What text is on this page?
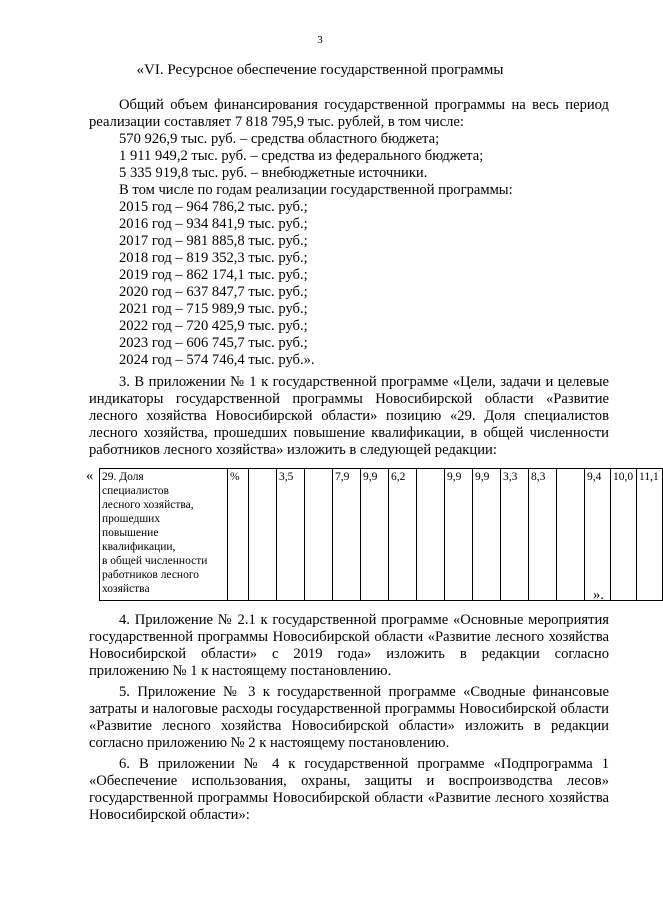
3
«VI. Ресурсное обеспечение государственной программы
Общий объем финансирования государственной программы на весь период
реализации составляет 7 818 795,9 тыс. рублей, в том числе:
570 926,9 тыс. руб. – средства областного бюджета;
1 911 949,2 тыс. руб. – средства из федерального бюджета;
5 335 919,8 тыс. руб. – внебюджетные источники.
В том числе по годам реализации государственной программы:
2015 год – 964 786,2 тыс. руб.;
2016 год – 934 841,9 тыс. руб.;
2017 год – 981 885,8 тыс. руб.;
2018 год – 819 352,3 тыс. руб.;
2019 год – 862 174,1 тыс. руб.;
2020 год – 637 847,7 тыс. руб.;
2021 год – 715 989,9 тыс. руб.;
2022 год – 720 425,9 тыс. руб.;
2023 год – 606 745,7 тыс. руб.;
2024 год – 574 746,4 тыс. руб.».
3. В приложении № 1 к государственной программе «Цели, задачи и целевые
индикаторы государственной программы Новосибирской области «Развитие
лесного хозяйства Новосибирской области» позицию «29. Доля специалистов
лесного хозяйства, прошедших повышение квалификации, в общей численности
работников лесного хозяйства» изложить в следующей редакции:
« 29. Доля
специалистов
лесного хозяйства,
прошедших
повышение
квалификации,
в общей численности
работников лесного
хозяйства
	%		3,5		7,9	9,9	6,2		9,9	9,9	3,3	8,3		9,4	10,0	11,1
».
4. Приложение № 2.1 к государственной программе «Основные мероприятия
государственной программы Новосибирской области «Развитие лесного хозяйства
Новосибирской области» с 2019 года» изложить в редакции согласно
приложению № 1 к настоящему постановлению.
5. Приложение № 3 к государственной программе «Сводные финансовые
затраты и налоговые расходы государственной программы Новосибирской области
«Развитие лесного хозяйства Новосибирской области» изложить в редакции
согласно приложению № 2 к настоящему постановлению.
6. В приложении № 4 к государственной программе «Подпрограмма 1
«Обеспечение использования, охраны, защиты и воспроизводства лесов»
государственной программы Новосибирской области «Развитие лесного хозяйства
Новосибирской области»:
